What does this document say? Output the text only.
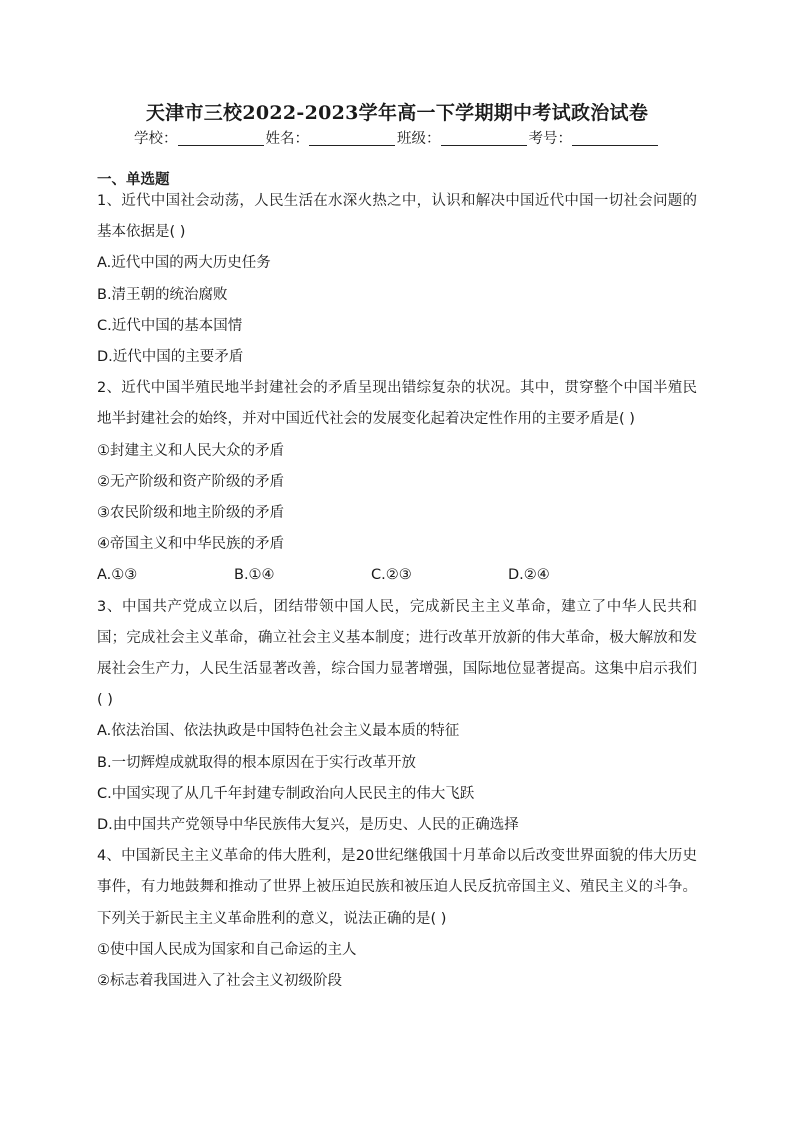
天津市三校2022-2023学年高一下学期期中考试政治试卷
学校：	姓名：	班级：	考号：
一、单选题

1、近代中国社会动荡，人民生活在水深火热之中，认识和解决中国近代中国一切社会问题的基本依据是( )

A.近代中国的两大历史任务

B.清王朝的统治腐败

C.近代中国的基本国情

D.近代中国的主要矛盾

2、近代中国半殖民地半封建社会的矛盾呈现出错综复杂的状况。其中，贯穿整个中国半殖民地半封建社会的始终，并对中国近代社会的发展变化起着决定性作用的主要矛盾是( )

①封建主义和人民大众的矛盾

②无产阶级和资产阶级的矛盾

③农民阶级和地主阶级的矛盾

④帝国主义和中华民族的矛盾

A.①③	B.①④	C.②③	D.②④

3、中国共产党成立以后，团结带领中国人民，完成新民主主义革命，建立了中华人民共和国；完成社会主义革命，确立社会主义基本制度；进行改革开放新的伟大革命，极大解放和发展社会生产力，人民生活显著改善，综合国力显著增强，国际地位显著提高。这集中启示我们( )

A.依法治国、依法执政是中国特色社会主义最本质的特征

B.一切辉煌成就取得的根本原因在于实行改革开放

C.中国实现了从几千年封建专制政治向人民民主的伟大飞跃

D.由中国共产党领导中华民族伟大复兴，是历史、人民的正确选择

4、中国新民主主义革命的伟大胜利，是20世纪继俄国十月革命以后改变世界面貌的伟大历史事件，有力地鼓舞和推动了世界上被压迫民族和被压迫人民反抗帝国主义、殖民主义的斗争。下列关于新民主主义革命胜利的意义，说法正确的是( )

①使中国人民成为国家和自己命运的主人

②标志着我国进入了社会主义初级阶段
